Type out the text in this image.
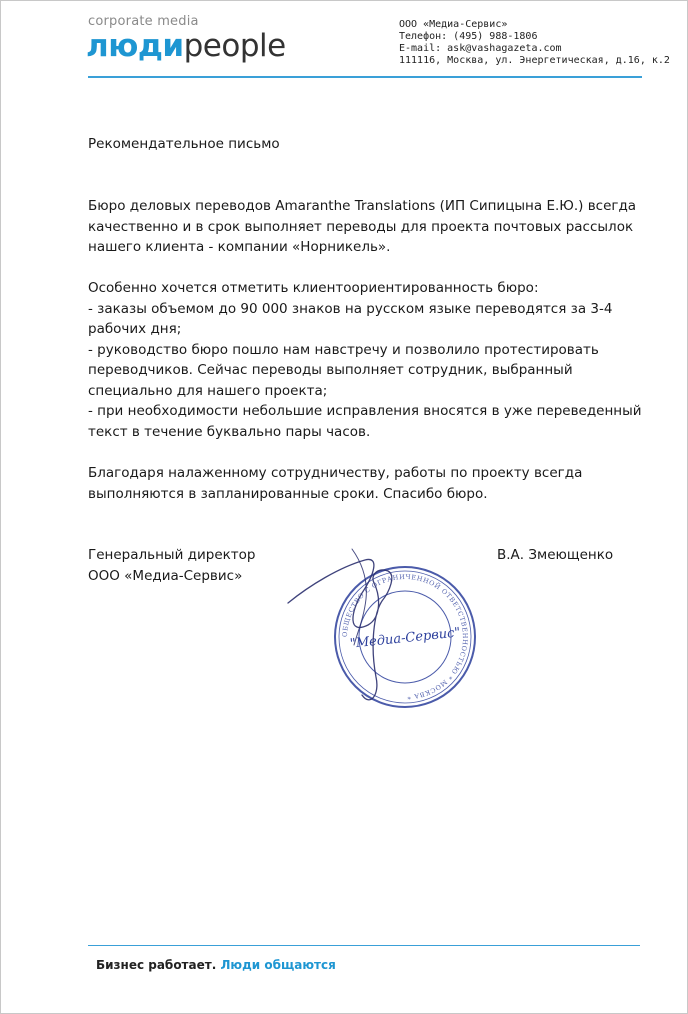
corporate media
людиpeople
ООО «Медиа-Сервис»
Телефон: (495) 988-1806
E-mail: ask@vashagazeta.com
111116, Москва, ул. Энергетическая, д.16, к.2
Рекомендательное письмо
Бюро деловых переводов Amaranthe Translations (ИП Сипицына Е.Ю.) всегда
качественно и в срок выполняет переводы для проекта почтовых рассылок
нашего клиента - компании «Норникель».
Особенно хочется отметить клиентоориентированность бюро:
- заказы объемом до 90 000 знаков на русском языке переводятся за 3-4
рабочих дня;
- руководство бюро пошло нам навстречу и позволило протестировать
переводчиков. Сейчас переводы выполняет сотрудник, выбранный
специально для нашего проекта;
- при необходимости небольшие исправления вносятся в уже переведенный
текст в течение буквально пары часов.
Благодаря налаженному сотрудничеству, работы по проекту всегда
выполняются в запланированные сроки. Спасибо бюро.
Генеральный директор
ООО «Медиа-Сервис»
В.А. Змеющенко
ОБЩЕСТВО С ОГРАНИЧЕННОЙ ОТВЕТСТВЕННОСТЬЮ * МОСКВА *
"Медиа-Сервис"
Бизнес работает. Люди общаются
